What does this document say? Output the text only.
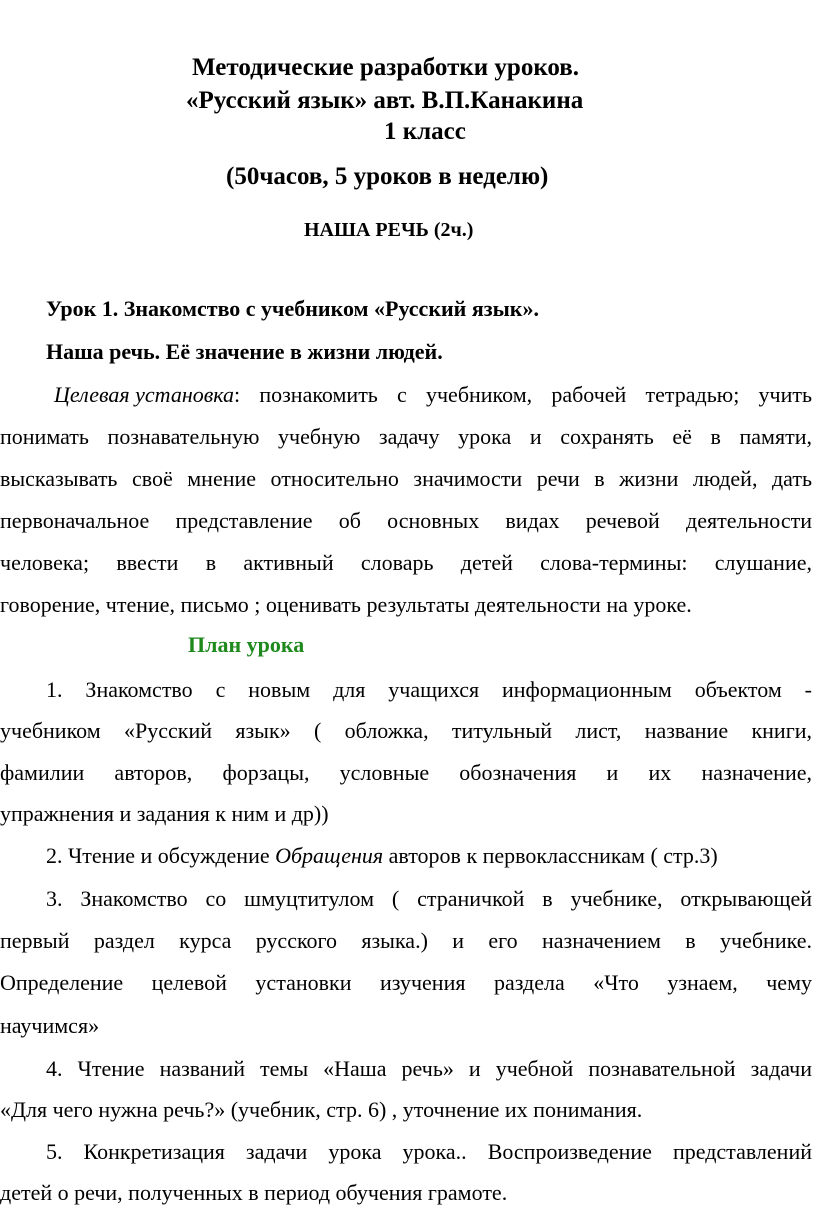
Методические разработки уроков.
«Русский язык» авт. В.П.Канакина
1 класс
(50часов, 5 уроков в неделю)
НАША РЕЧЬ (2ч.)
Урок 1. Знакомство с учебником «Русский язык».
Наша речь. Её значение в жизни людей.
Целевая установка : познакомить с учебником, рабочей тетрадью; учить
понимать познавательную учебную задачу урока и сохранять её в памяти,
высказывать своё мнение относительно значимости речи в жизни людей, дать
первоначальное представление об основных видах речевой деятельности
человека; ввести в активный словарь детей слова-термины: слушание,
говорение, чтение, письмо ; оценивать результаты деятельности на уроке.
План урока
1. Знакомство с новым для учащихся информационным объектом -
учебником «Русский язык» ( обложка, титульный лист, название книги,
фамилии авторов, форзацы, условные обозначения и их назначение,
упражнения и задания к ним и др))
2. Чтение и обсуждение Обращения авторов к первоклассникам ( стр.3)
3. Знакомство со шмуцтитулом ( страничкой в учебнике, открывающей
первый раздел курса русского языка.) и его назначением в учебнике.
Определение целевой установки изучения раздела «Что узнаем, чему
научимся»
4. Чтение названий темы «Наша речь» и учебной познавательной задачи
«Для чего нужна речь?» (учебник, стр. 6) , уточнение их понимания.
5. Конкретизация задачи урока урока.. Воспроизведение представлений
детей о речи, полученных в период обучения грамоте.
